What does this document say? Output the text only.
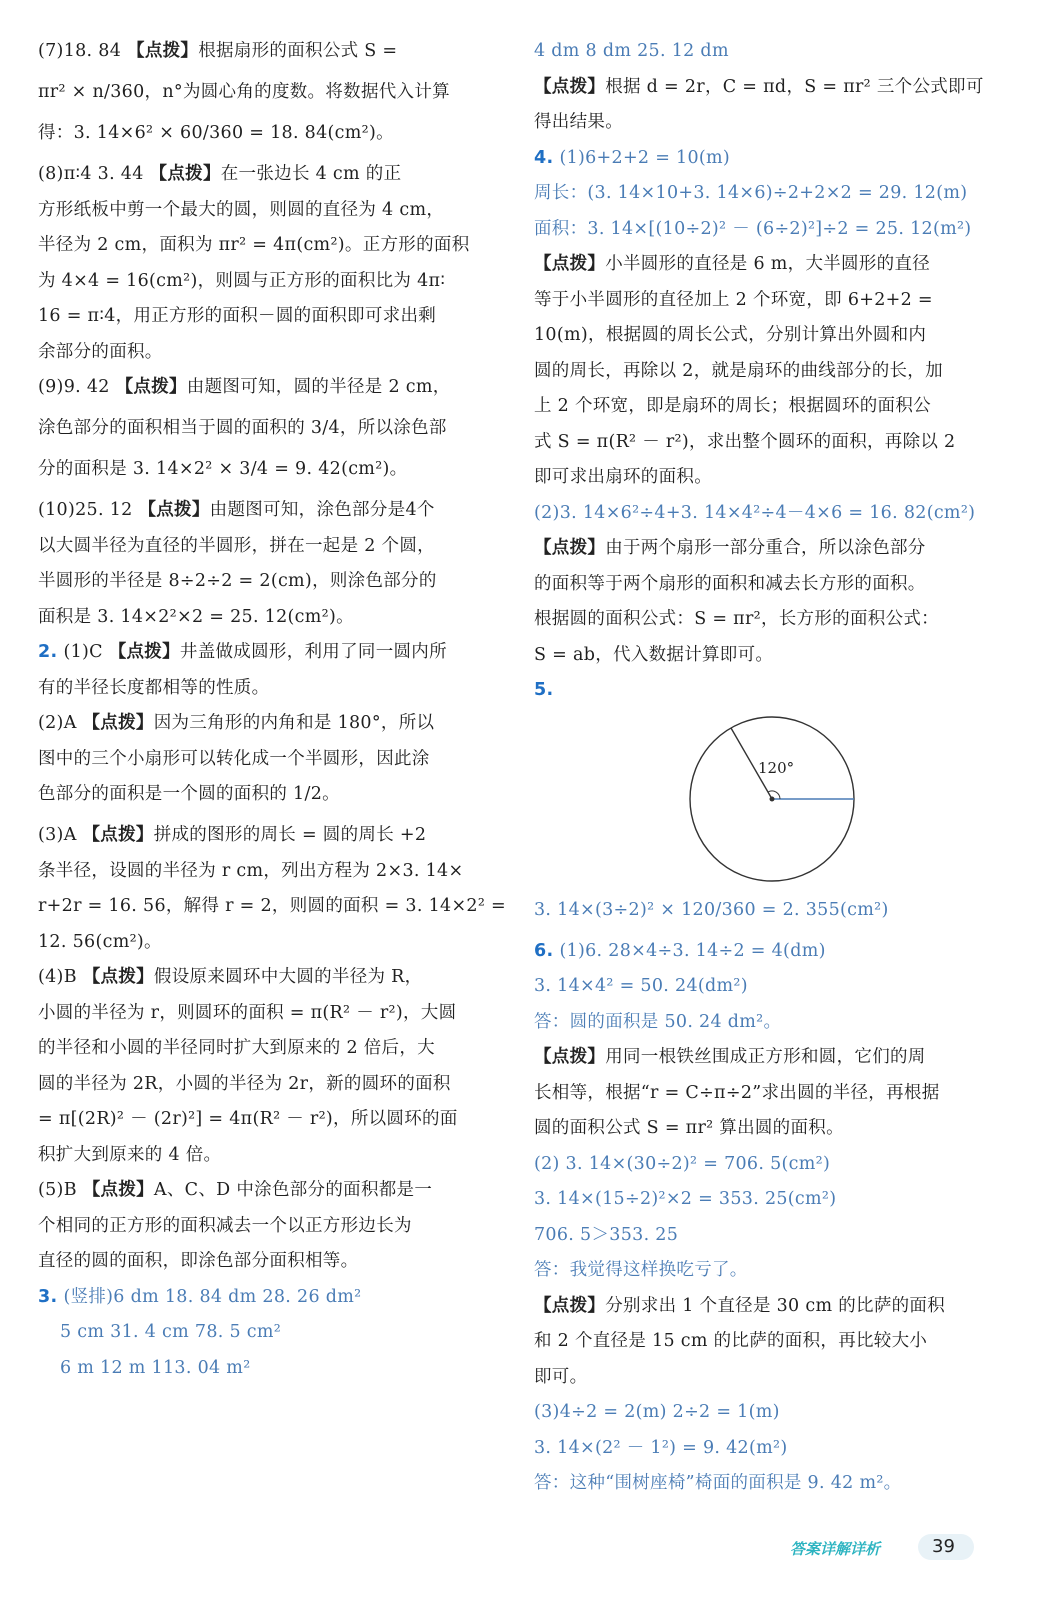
(7)18. 84 【点拨】根据扇形的面积公式 S =
πr² × n/360，n°为圆心角的度数。将数据代入计算
得：3. 14×6² × 60/360 = 18. 84(cm²)。
(8)π∶4 3. 44 【点拨】在一张边长 4 cm 的正
方形纸板中剪一个最大的圆，则圆的直径为 4 cm，
半径为 2 cm，面积为 πr² = 4π(cm²)。正方形的面积
为 4×4 = 16(cm²)，则圆与正方形的面积比为 4π∶
16 = π∶4，用正方形的面积－圆的面积即可求出剩
余部分的面积。
(9)9. 42 【点拨】由题图可知，圆的半径是 2 cm，
涂色部分的面积相当于圆的面积的 3/4，所以涂色部
分的面积是 3. 14×2² × 3/4 = 9. 42(cm²)。
(10)25. 12 【点拨】由题图可知，涂色部分是4个
以大圆半径为直径的半圆形，拼在一起是 2 个圆，
半圆形的半径是 8÷2÷2 = 2(cm)，则涂色部分的
面积是 3. 14×2²×2 = 25. 12(cm²)。
2. (1)C 【点拨】井盖做成圆形，利用了同一圆内所
有的半径长度都相等的性质。
(2)A 【点拨】因为三角形的内角和是 180°，所以
图中的三个小扇形可以转化成一个半圆形，因此涂
色部分的面积是一个圆的面积的 1/2。
(3)A 【点拨】拼成的图形的周长 = 圆的周长 +2
条半径，设圆的半径为 r cm，列出方程为 2×3. 14×
r+2r = 16. 56，解得 r = 2，则圆的面积 = 3. 14×2² =
12. 56(cm²)。
(4)B 【点拨】假设原来圆环中大圆的半径为 R，
小圆的半径为 r，则圆环的面积 = π(R² － r²)，大圆
的半径和小圆的半径同时扩大到原来的 2 倍后，大
圆的半径为 2R，小圆的半径为 2r，新的圆环的面积
= π[(2R)² － (2r)²] = 4π(R² － r²)，所以圆环的面
积扩大到原来的 4 倍。
(5)B 【点拨】A、C、D 中涂色部分的面积都是一
个相同的正方形的面积减去一个以正方形边长为
直径的圆的面积，即涂色部分面积相等。
3. (竖排)6 dm 18. 84 dm 28. 26 dm²
5 cm 31. 4 cm 78. 5 cm²
6 m 12 m 113. 04 m²
4 dm 8 dm 25. 12 dm
【点拨】根据 d = 2r，C = πd，S = πr² 三个公式即可
得出结果。
4. (1)6+2+2 = 10(m)
周长：(3. 14×10+3. 14×6)÷2+2×2 = 29. 12(m)
面积：3. 14×[(10÷2)² － (6÷2)²]÷2 = 25. 12(m²)
【点拨】小半圆形的直径是 6 m，大半圆形的直径
等于小半圆形的直径加上 2 个环宽，即 6+2+2 =
10(m)，根据圆的周长公式，分别计算出外圆和内
圆的周长，再除以 2，就是扇环的曲线部分的长，加
上 2 个环宽，即是扇环的周长；根据圆环的面积公
式 S = π(R² － r²)，求出整个圆环的面积，再除以 2
即可求出扇环的面积。
(2)3. 14×6²÷4+3. 14×4²÷4－4×6 = 16. 82(cm²)
【点拨】由于两个扇形一部分重合，所以涂色部分
的面积等于两个扇形的面积和减去长方形的面积。
根据圆的面积公式：S = πr²，长方形的面积公式：
S = ab，代入数据计算即可。
5.
120°
3. 14×(3÷2)² × 120/360 = 2. 355(cm²)
6. (1)6. 28×4÷3. 14÷2 = 4(dm)
3. 14×4² = 50. 24(dm²)
答：圆的面积是 50. 24 dm²。
【点拨】用同一根铁丝围成正方形和圆，它们的周
长相等，根据“r = C÷π÷2”求出圆的半径，再根据
圆的面积公式 S = πr² 算出圆的面积。
(2) 3. 14×(30÷2)² = 706. 5(cm²)
3. 14×(15÷2)²×2 = 353. 25(cm²)
706. 5＞353. 25
答：我觉得这样换吃亏了。
【点拨】分别求出 1 个直径是 30 cm 的比萨的面积
和 2 个直径是 15 cm 的比萨的面积，再比较大小
即可。
(3)4÷2 = 2(m) 2÷2 = 1(m)
3. 14×(2² － 1²) = 9. 42(m²)
答：这种“围树座椅”椅面的面积是 9. 42 m²。
答案详解详析	39
